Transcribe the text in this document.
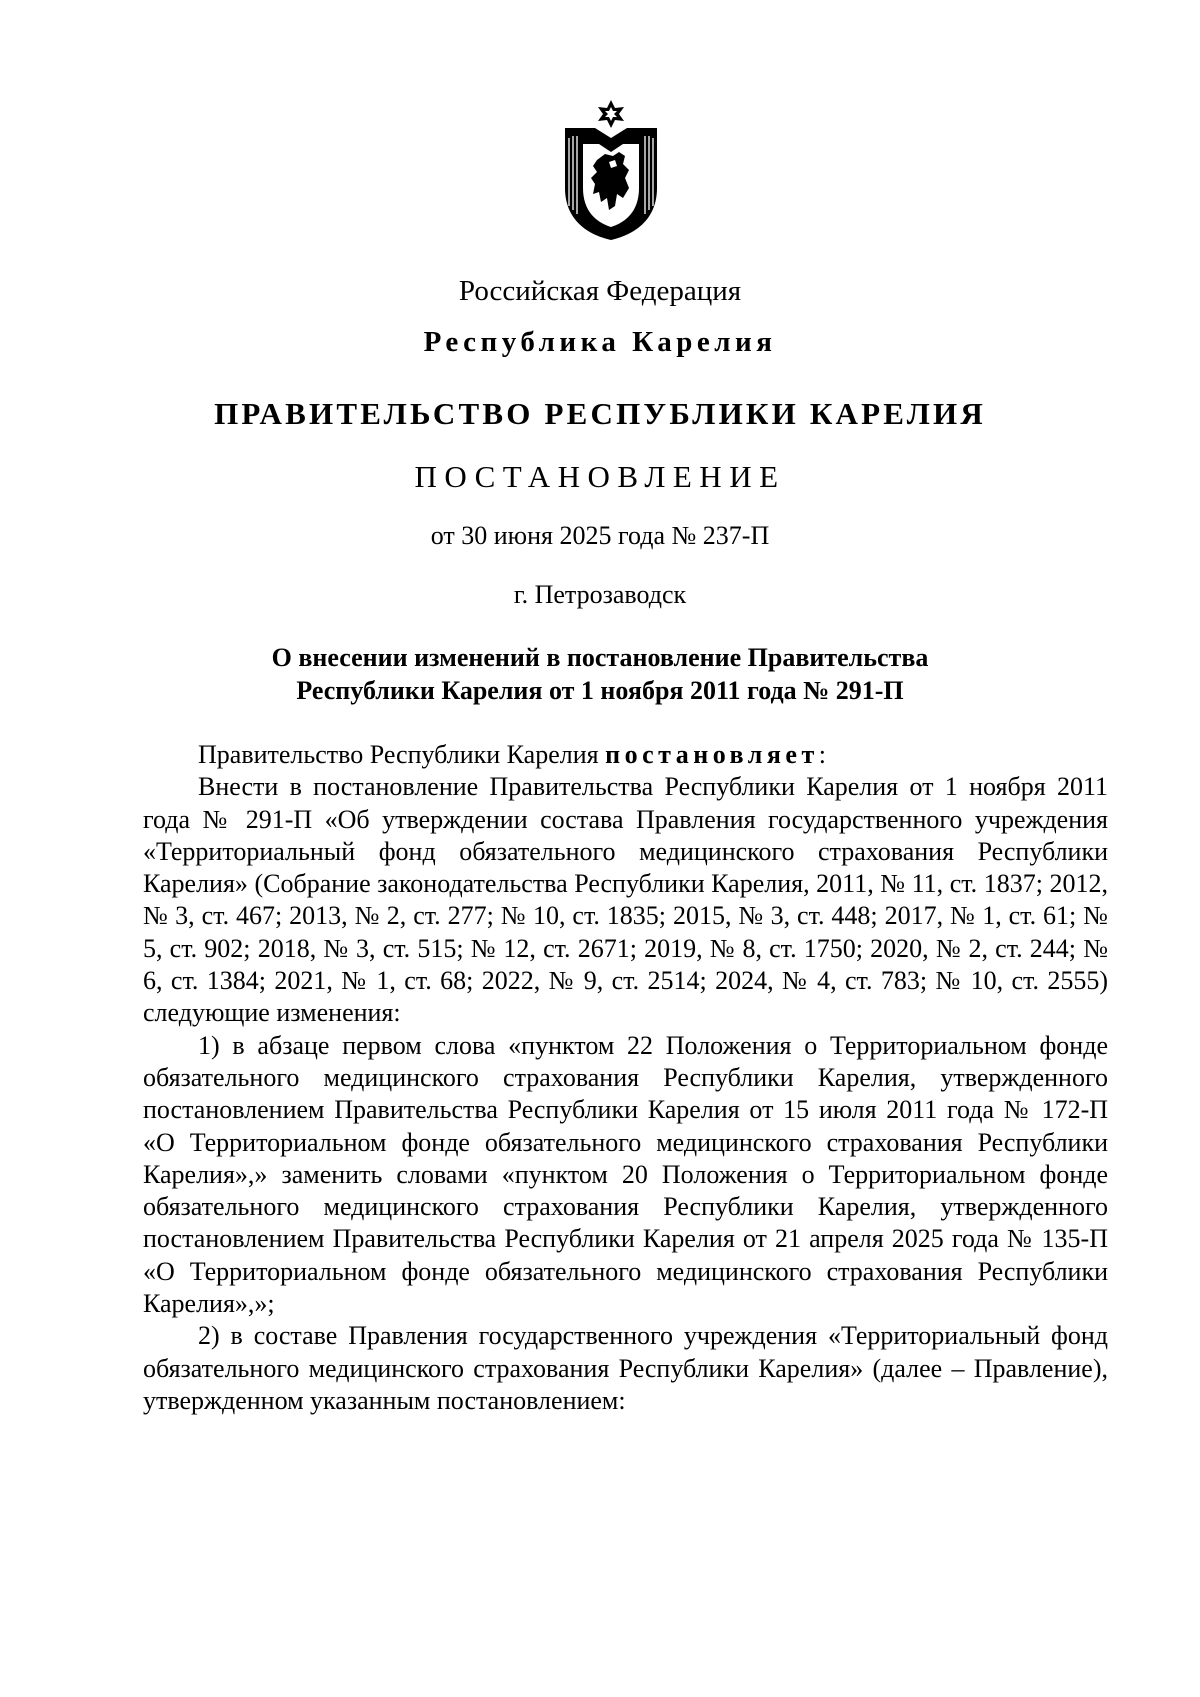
Российская Федерация
Республика Карелия
ПРАВИТЕЛЬСТВО РЕСПУБЛИКИ КАРЕЛИЯ
ПОСТАНОВЛЕНИЕ
от 30 июня 2025 года № 237-П
г. Петрозаводск
О внесении изменений в постановление Правительства
Республики Карелия от 1 ноября 2011 года № 291-П

Правительство Республики Карелия постановляет:

Внести в постановление Правительства Республики Карелия от 1 ноября 2011 года № 291-П «Об утверждении состава Правления государственного учреждения «Территориальный фонд обязательного медицинского страхования Республики Карелия» (Собрание законодательства Республики Карелия, 2011, № 11, ст. 1837; 2012, № 3, ст. 467; 2013, № 2, ст. 277; № 10, ст. 1835; 2015, № 3, ст. 448; 2017, № 1, ст. 61; № 5, ст. 902; 2018, № 3, ст. 515; № 12, ст. 2671; 2019, № 8, ст. 1750; 2020, № 2, ст. 244; № 6, ст. 1384; 2021, № 1, ст. 68; 2022, № 9, ст. 2514; 2024, № 4, ст. 783; № 10, ст. 2555) следующие изменения:

1) в абзаце первом слова «пунктом 22 Положения о Территориальном фонде обязательного медицинского страхования Республики Карелия, утвержденного постановлением Правительства Республики Карелия от 15 июля 2011 года № 172-П «О Территориальном фонде обязательного медицинского страхования Республики Карелия»,» заменить словами «пунктом 20 Положения о Территориальном фонде обязательного медицинского страхования Республики Карелия, утвержденного постановлением Правительства Республики Карелия от 21 апреля 2025 года № 135-П «О Территориальном фонде обязательного медицинского страхования Республики Карелия»,»;

2) в составе Правления государственного учреждения «Территориальный фонд обязательного медицинского страхования Республики Карелия» (далее – Правление), утвержденном указанным постановлением:
